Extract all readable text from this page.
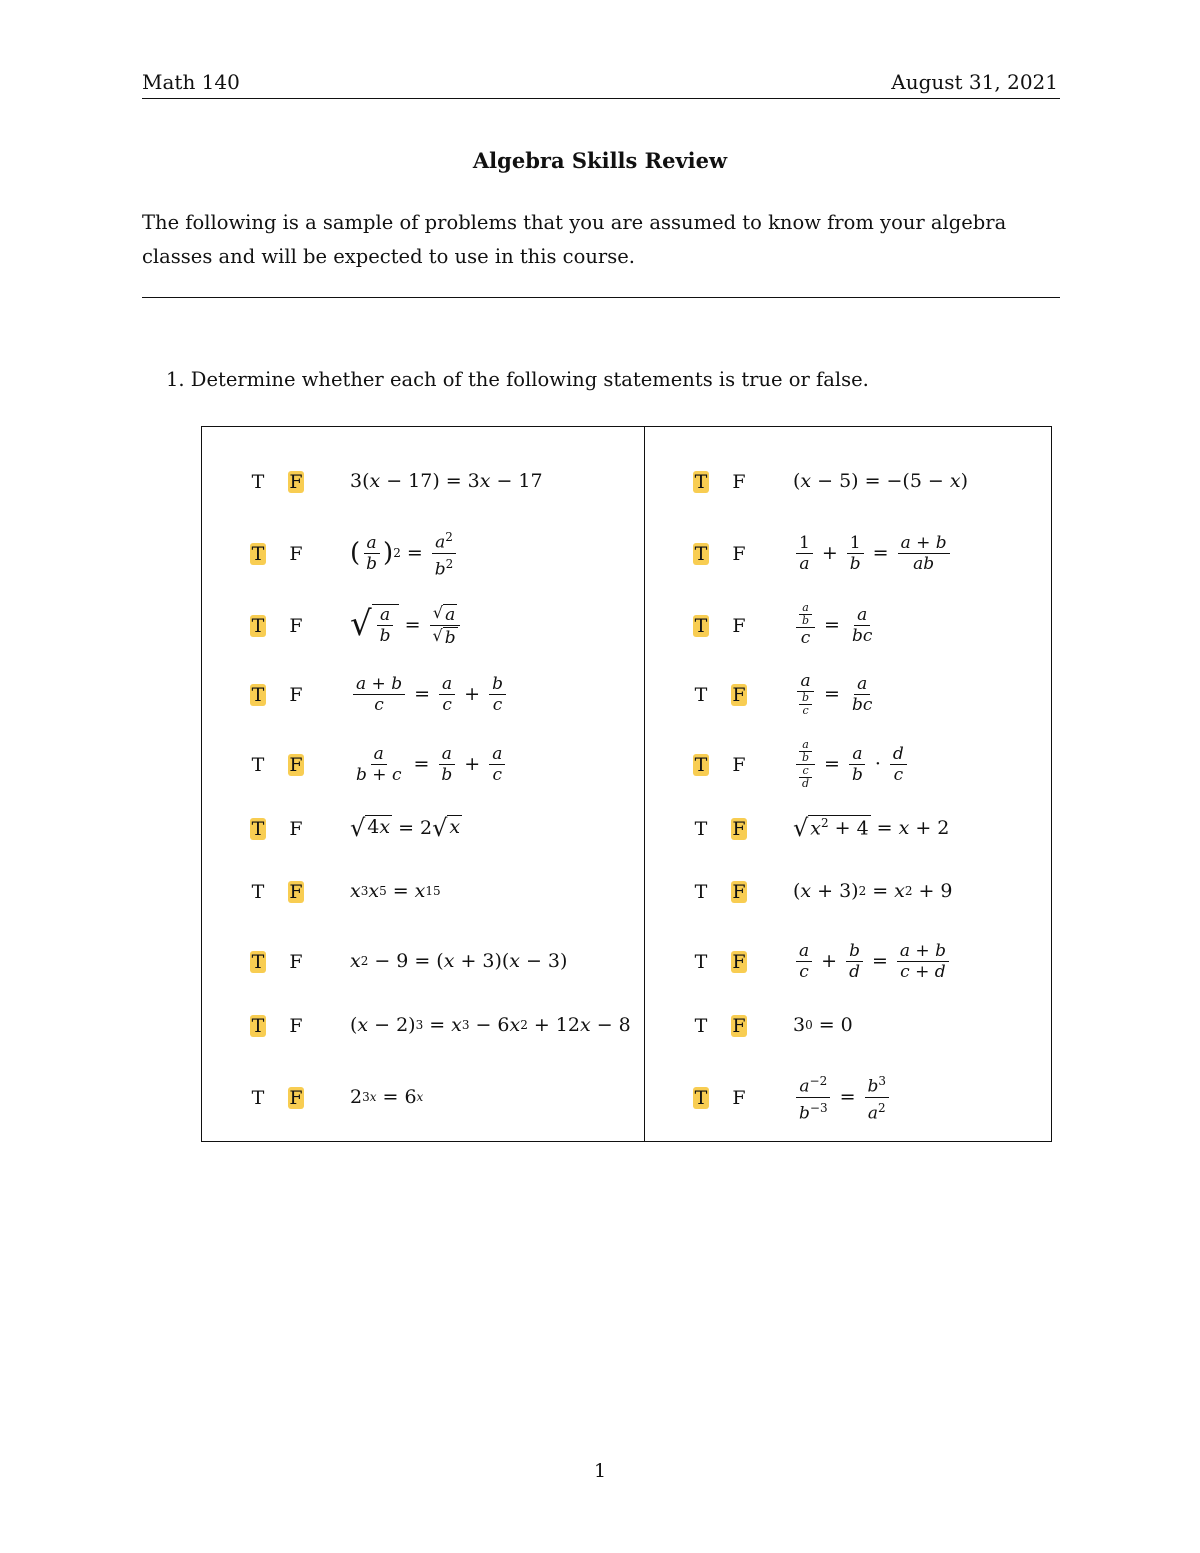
Math 140	August 31, 2021
Algebra Skills Review
The following is a sample of problems that you are assumed to know from your algebra classes and will be expected to use in this course.
1. Determine whether each of the following statements is true or false.
T F 3( x − 17) = 3 x − 17
T F ( $\frac{a}{b}$ ) $2 = \frac{a^2}{b^2}$
T F √ $\frac{a}{b} = \frac{√ a}{√ b}$
T F	$\frac{a + b}{c} = \frac{a}{c} + \frac{b}{c}$
T F	$\frac{a}{b + c} = \frac{a}{b} + \frac{a}{c}$
T F √ 4x = 2 √ x
T F x 3 x 5 = x 15
T F x 2 − 9 = ( x + 3)( x − 3)
T F ( x − 2) 3 = x 3 − 6 x 2 + 12 x − 8
T F 2 3x = 6 x
T F ( x − 5) = −(5 − x )
T F	$\frac{1}{a} + \frac{1}{b} = \frac{a + b}{ab}$
T F	$\frac{\frac{a}{b}}{c} = \frac{a}{bc}$
T F	$\frac{a}{\frac{b}{c}} = \frac{a}{bc}$
T F	$\frac{\frac{a}{b}}{\frac{c}{d}} = \frac{a}{b} \cdot \frac{d}{c}$
T F √ $x^2 + 4 = x + 2$
T F ( x + 3) 2 = x 2 + 9
T F	$\frac{a}{c} + \frac{b}{d} = \frac{a + b}{c + d}$
T F 3 0 = 0
T F	$\frac{a^{-2}}{b^{-3}} = \frac{b^3}{a^2}$
1
